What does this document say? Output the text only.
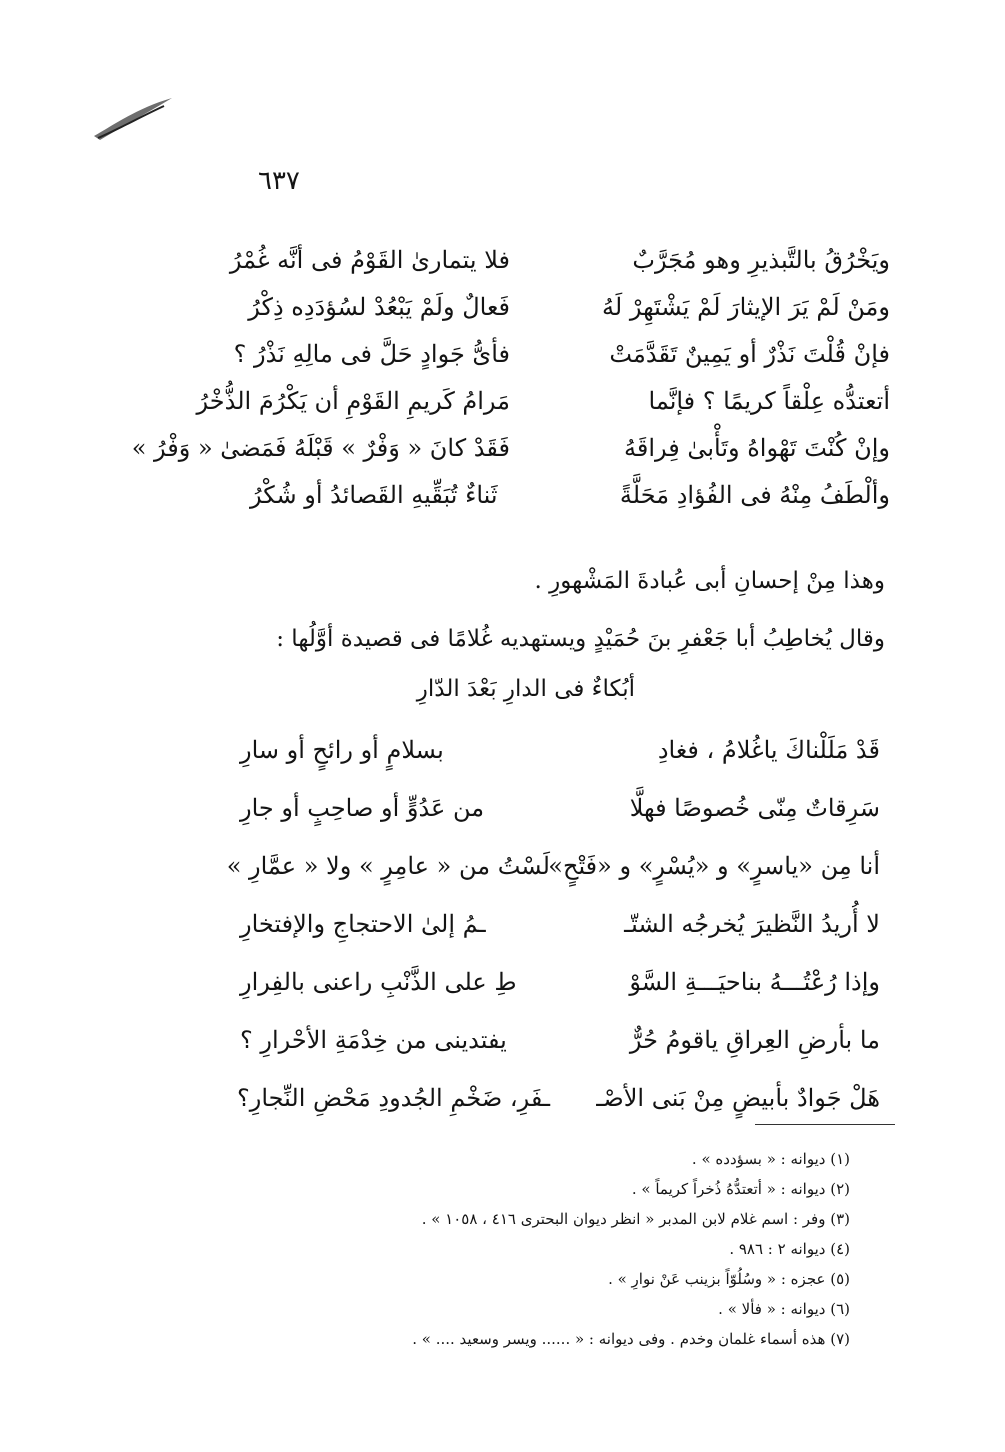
٦٣٧
ويَخْرُقُ بالتَّبذيرِ وهو مُجَرَّبٌ
فلا يتمارىٰ القَوْمُ فى أنَّه غُمْرُ
ومَنْ لَمْ يَرَ الإيثارَ لَمْ يَشْتَهِرْ لَهُ
فَعالٌ ولَمْ يَبْعُدْ لسُؤدَدِه ذِكْرُ
فإنْ قُلْتَ نَذْرٌ أو يَمِينٌ تَقَدَّمَتْ
فأىُّ جَوادٍ حَلَّ فى مالِهِ نَذْرُ ؟
أتعتدُّه عِلْقاً كريمًا ؟ فإنَّما
مَرامُ كَريمِ القَوْمِ أن يَكْرُمَ الذُّخْرُ
وإنْ كُنْتَ تَهْواهُ وتَأْبىٰ فِراقَهُ
فَقَدْ كانَ « وَفْرٌ » قَبْلَهُ فَمَضىٰ « وَفْرُ »
وألْطَفُ مِنْهُ فى الفُؤادِ مَحَلَّةً
ثَناءٌ تُبَقِّيهِ القَصائدُ أو شُكْرُ
وهذا مِنْ إحسانِ أبى عُبادةَ المَشْهورِ .
وقال يُخاطِبُ أبا جَعْفرِ بنَ حُمَيْدٍ ويستهديه غُلامًا فى قصيدة أوَّلُها :
أبُكاءٌ فى الدارِ بَعْدَ الدّارِ
قَدْ مَلَلْناكَ ياغُلامُ ، فغادِ
بسلامٍ أو رائحٍ أو سارِ
سَرِقاتٌ مِنّى خُصوصًا فهلَّا
من عَدُوٍّ أو صاحِبٍ أو جارِ
أنا مِن «ياسرٍ» و «يُسْرٍ» و «فَتْحٍ»
لَسْتُ من « عامِرٍ » ولا « عمَّارِ »
لا أُريدُ النَّظيرَ يُخرجُه الشتّـ
ـمُ إلىٰ الاحتجاجِ والإفتخارِ
وإذا رُعْتُـــهُ بناحيَـــةِ السَّوْ
طِ على الذَّنْبِ راعنى بالفِرارِ
ما بأرضِ العِراقِ ياقومُ حُرٌّ
يفتدينى من خِدْمَةِ الأحْرارِ ؟
هَلْ جَوادٌ بأبيضٍ مِنْ بَنى الأصْـ
ـفَرِ، ضَخْمِ الجُدودِ مَحْضِ النِّجارِ؟
(١) ديوانه : « بسؤدده » .
(٢) ديوانه : « أتعتدُّهُ ذُخراً كريماً » .
(٣) وفر : اسم غلام لابن المدبر « انظر ديوان البحترى ٤١٦ ، ١٠٥٨ » .
(٤) ديوانه ٢ : ٩٨٦ .
(٥) عجزه : « وسُلُوّاً بزينب عَنْ نوارِ » .
(٦) ديوانه : « فألا » .
(٧) هذه أسماء غلمان وخدم . وفى ديوانه : « ...... ويسر وسعيد .... » .
